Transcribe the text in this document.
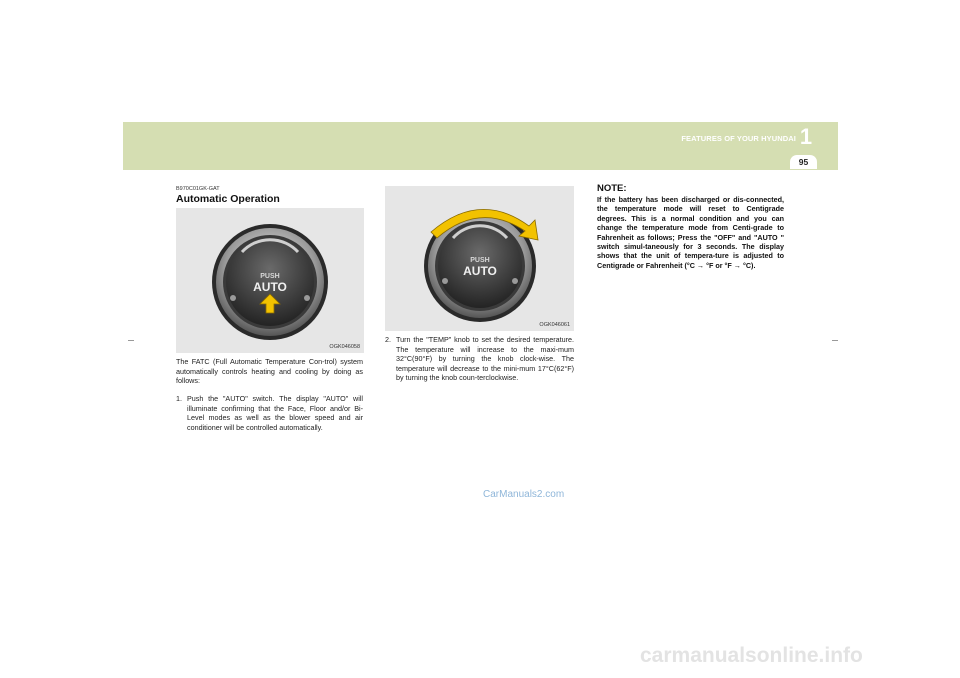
FEATURES OF YOUR HYUNDAI 1
95
B970C01GK-GAT
Automatic Operation
PUSH
AUTO
OGK046058
The FATC (Full Automatic Temperature Con-trol) system automatically controls heating and cooling by doing as follows:
1. Push the "AUTO" switch. The display "AUTO" will illuminate confirming that the Face, Floor and/or Bi-Level modes as well as the blower speed and air conditioner will be controlled automatically.
PUSH
AUTO
OGK046061
2. Turn the "TEMP" knob to set the desired temperature. The temperature will increase to the maxi-mum 32°C(90°F) by turning the knob clock-wise. The temperature will decrease to the mini-mum 17°C(62°F) by turning the knob coun-terclockwise.
NOTE:
If the battery has been discharged or dis-connected, the temperature mode will reset to Centigrade degrees. This is a normal condition and you can change the temperature mode from Centi-grade to Fahrenheit as follows; Press the "OFF" and "AUTO " switch simul-taneously for 3 seconds. The display shows that the unit of tempera-ture is adjusted to Centigrade or Fahrenheit (°C → °F or °F → °C).
CarManuals2.com
carmanualsonline.info
